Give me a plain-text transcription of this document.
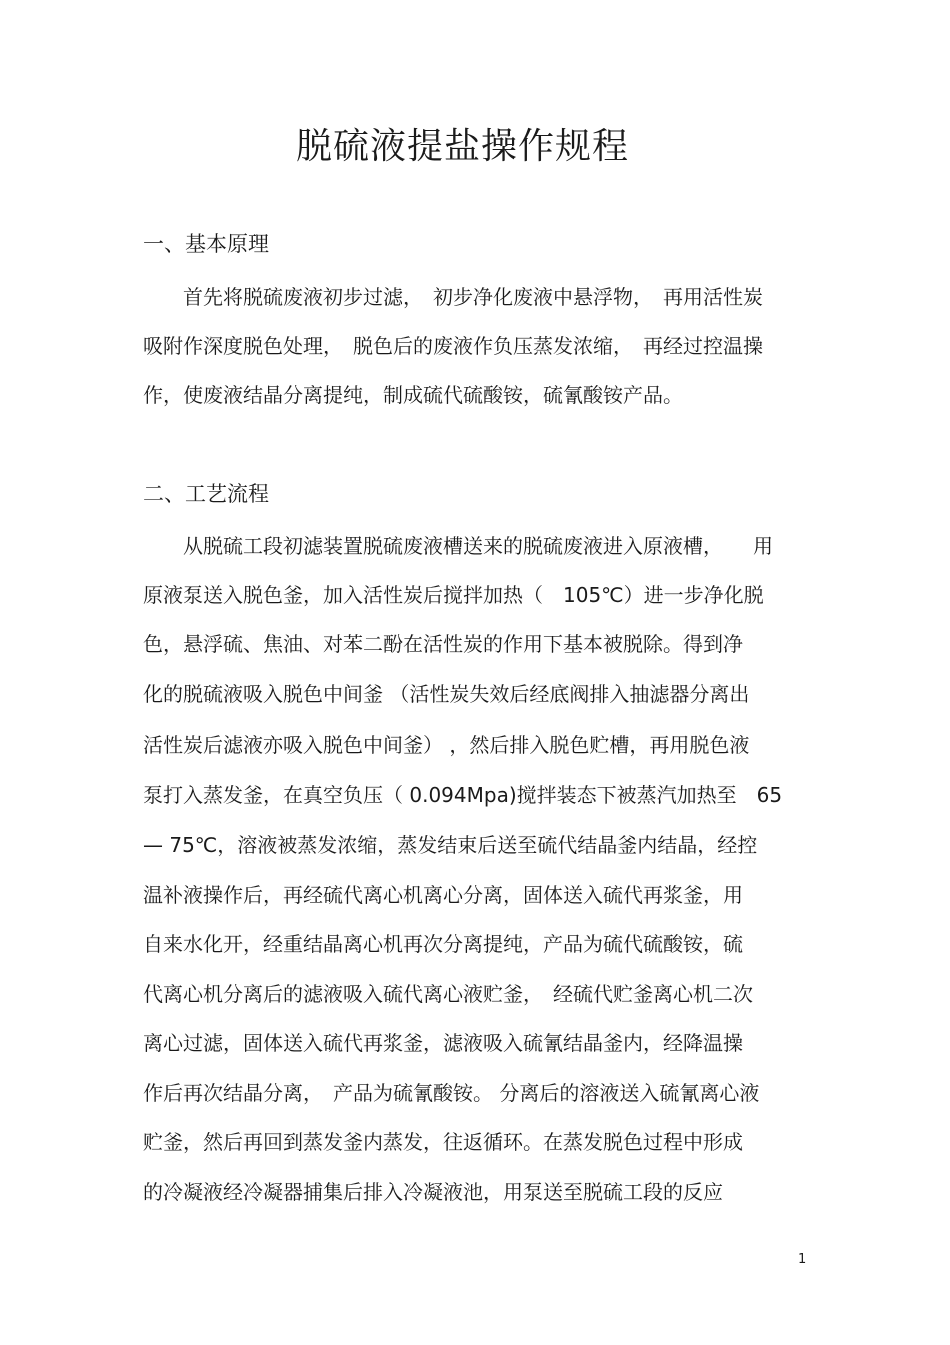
脱硫液提盐操作规程
一、基本原理

　　首先将脱硫废液初步过滤，　初步净化废液中悬浮物，　再用活性炭

吸附作深度脱色处理，　脱色后的废液作负压蒸发浓缩，　再经过控温操

作，使废液结晶分离提纯，制成硫代硫酸铵，硫氰酸铵产品。

二、工艺流程

　　从脱硫工段初滤装置脱硫废液槽送来的脱硫废液进入原液槽，　　用

原液泵送入脱色釜，加入活性炭后搅拌加热（　105℃）进一步净化脱

色，悬浮硫、焦油、对苯二酚在活性炭的作用下基本被脱除。得到净

化的脱硫液吸入脱色中间釜 （活性炭失效后经底阀排入抽滤器分离出

活性炭后滤液亦吸入脱色中间釜） ，然后排入脱色贮槽，再用脱色液

泵打入蒸发釜，在真空负压（ 0.094Mpa)搅拌装态下被蒸汽加热至　65

— 75℃，溶液被蒸发浓缩，蒸发结束后送至硫代结晶釜内结晶，经控

温补液操作后，再经硫代离心机离心分离，固体送入硫代再浆釜，用

自来水化开，经重结晶离心机再次分离提纯，产品为硫代硫酸铵，硫

代离心机分离后的滤液吸入硫代离心液贮釜，　经硫代贮釜离心机二次

离心过滤，固体送入硫代再浆釜，滤液吸入硫氰结晶釜内，经降温操

作后再次结晶分离，　产品为硫氰酸铵。 分离后的溶液送入硫氰离心液

贮釜，然后再回到蒸发釜内蒸发，往返循环。在蒸发脱色过程中形成

的冷凝液经冷凝器捕集后排入冷凝液池，用泵送至脱硫工段的反应

1
